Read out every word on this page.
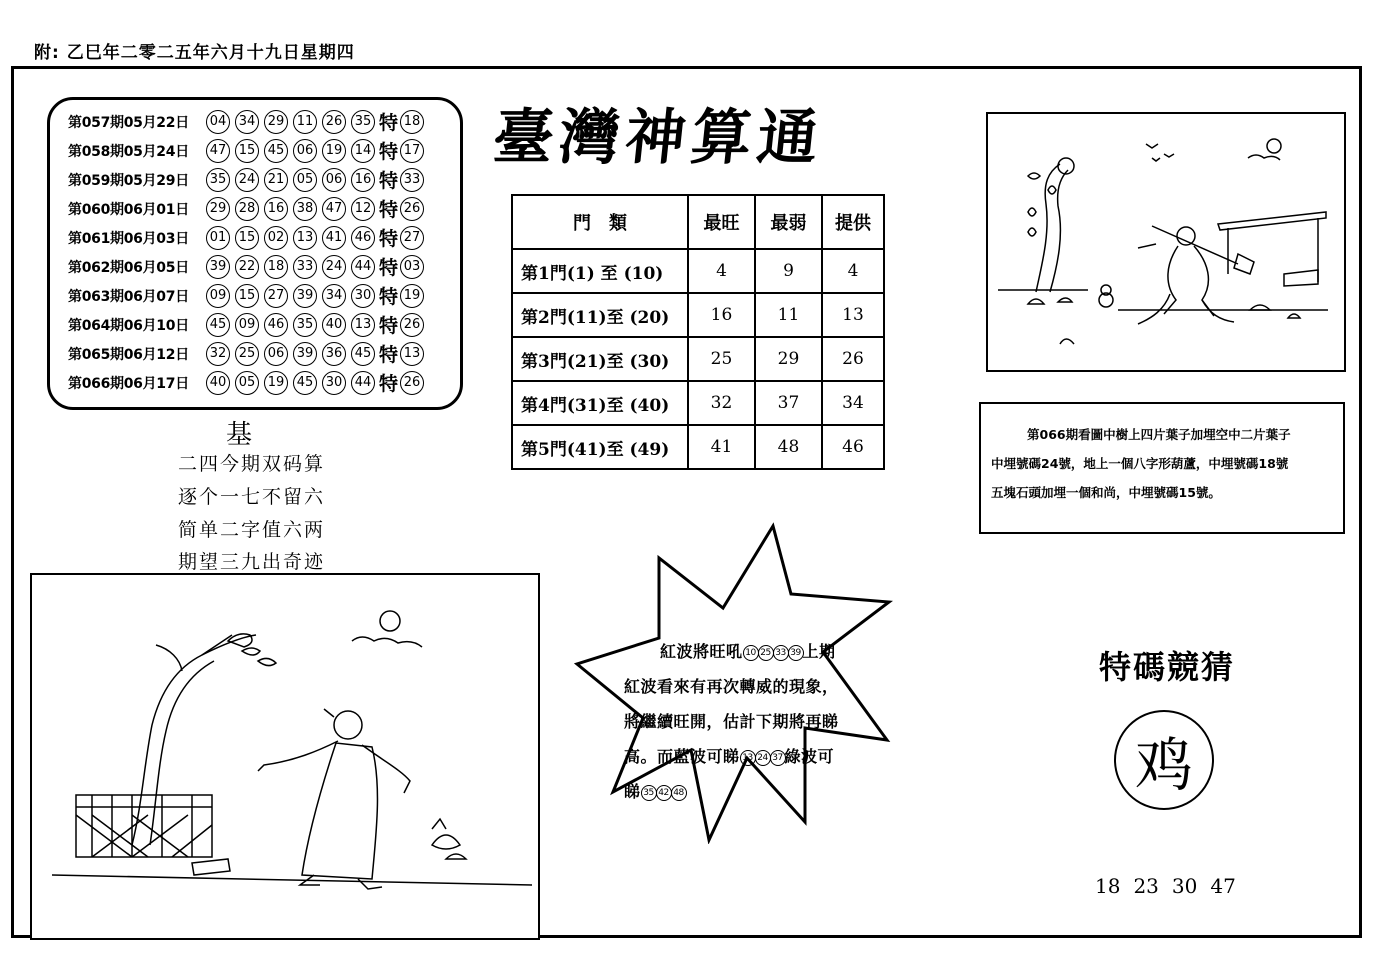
附: 乙巳年二零二五年六月十九日星期四
第057期05月22日	04 34 29 11 26 35 特 18
第058期05月24日	47 15 45 06 19 14 特 17
第059期05月29日	35 24 21 05 06 16 特 33
第060期06月01日	29 28 16 38 47 12 特 26
第061期06月03日	01 15 02 13 41 46 特 27
第062期06月05日	39 22 18 33 24 44 特 03
第063期06月07日	09 15 27 39 34 30 特 19
第064期06月10日	45 09 46 35 40 13 特 26
第065期06月12日	32 25 06 39 36 45 特 13
第066期06月17日	40 05 19 45 30 44 特 26
基
二四今期双码算
逐个一七不留六
简单二字值六两
期望三九出奇迹
臺灣神算通
門　類	最旺	最弱	提供
第1門(1) 至 (10)	4	9	4
第2門(11)至 (20)	16	11	13
第3門(21)至 (30)	25	29	26
第4門(31)至 (40)	32	37	34
第5門(41)至 (49)	41	48	46
第066期看圖中樹上四片葉子加埋空中二片葉子
中埋號碼24號，地上一個八字形葫蘆，中埋號碼18號
五塊石頭加埋一個和尚，中埋號碼15號。
紅波將旺吼 10 25 33 39 上期
紅波看來有再次轉威的現象，
將繼續旺開，估計下期將再睇
高。而藍波可睇 13 24 37 綠波可
睇 35 42 48
特碼競猜
鸡
18 23 30 47
